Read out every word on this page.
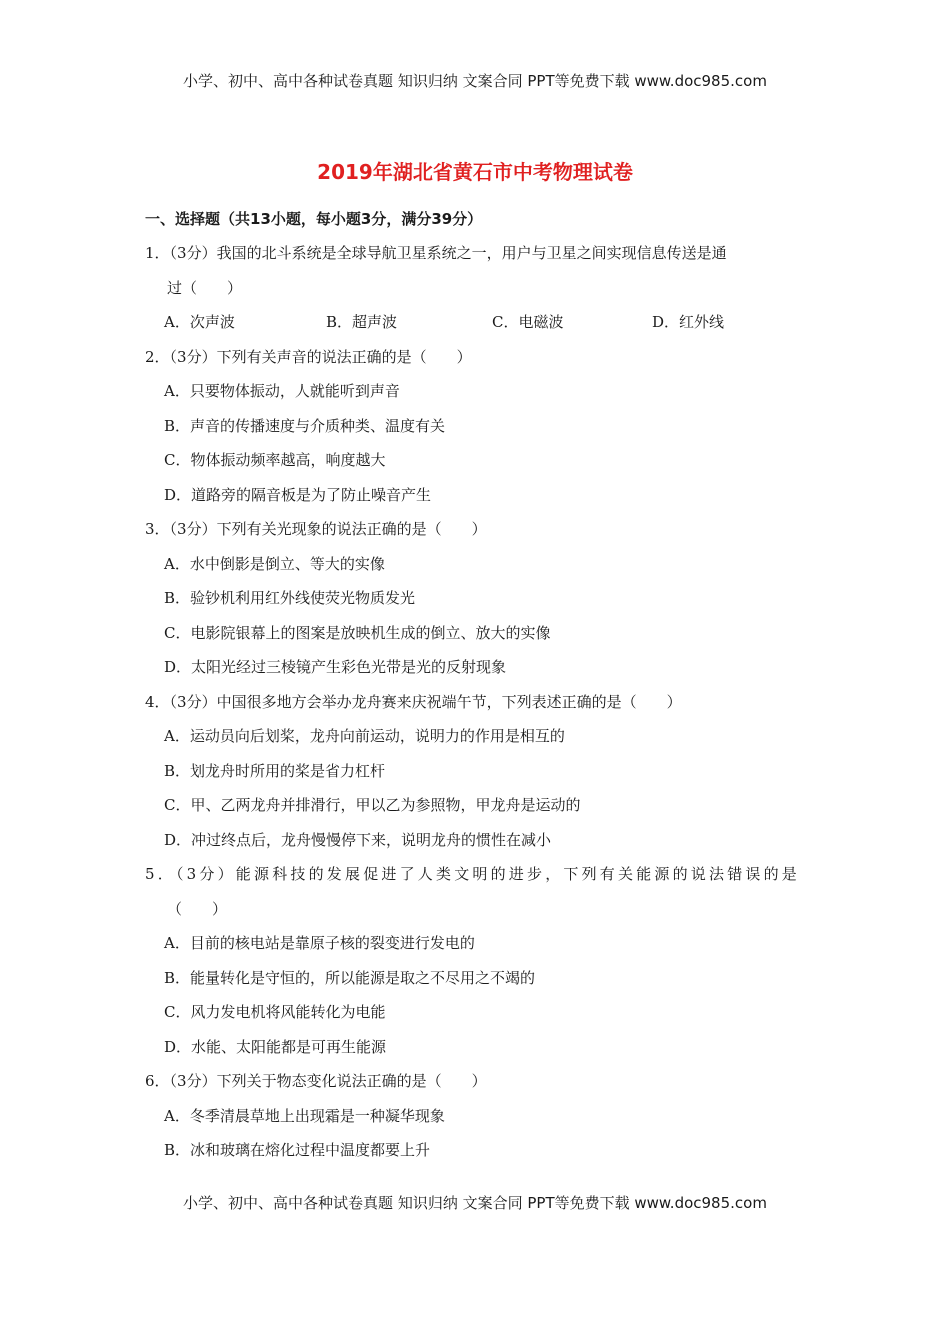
小学、初中、高中各种试卷真题 知识归纳 文案合同 PPT等免费下载 www.doc985.com
2019年湖北省黄石市中考物理试卷
一、选择题（共13小题，每小题3分，满分39分）
1．（3分）我国的北斗系统是全球导航卫星系统之一，用户与卫星之间实现信息传送是通
过（　　）
A．次声波	B．超声波	C．电磁波	D．红外线
2．（3分）下列有关声音的说法正确的是（　　）
A．只要物体振动，人就能听到声音
B．声音的传播速度与介质种类、温度有关
C．物体振动频率越高，响度越大
D．道路旁的隔音板是为了防止噪音产生
3．（3分）下列有关光现象的说法正确的是（　　）
A．水中倒影是倒立、等大的实像
B．验钞机利用红外线使荧光物质发光
C．电影院银幕上的图案是放映机生成的倒立、放大的实像
D．太阳光经过三棱镜产生彩色光带是光的反射现象
4．（3分）中国很多地方会举办龙舟赛来庆祝端午节，下列表述正确的是（　　）
A．运动员向后划桨，龙舟向前运动，说明力的作用是相互的
B．划龙舟时所用的桨是省力杠杆
C．甲、乙两龙舟并排滑行，甲以乙为参照物，甲龙舟是运动的
D．冲过终点后，龙舟慢慢停下来，说明龙舟的惯性在减小
5．（3分）能源科技的发展促进了人类文明的进步，下列有关能源的说法错误的是
（　　）
A．目前的核电站是靠原子核的裂变进行发电的
B．能量转化是守恒的，所以能源是取之不尽用之不竭的
C．风力发电机将风能转化为电能
D．水能、太阳能都是可再生能源
6．（3分）下列关于物态变化说法正确的是（　　）
A．冬季清晨草地上出现霜是一种凝华现象
B．冰和玻璃在熔化过程中温度都要上升
小学、初中、高中各种试卷真题 知识归纳 文案合同 PPT等免费下载 www.doc985.com
